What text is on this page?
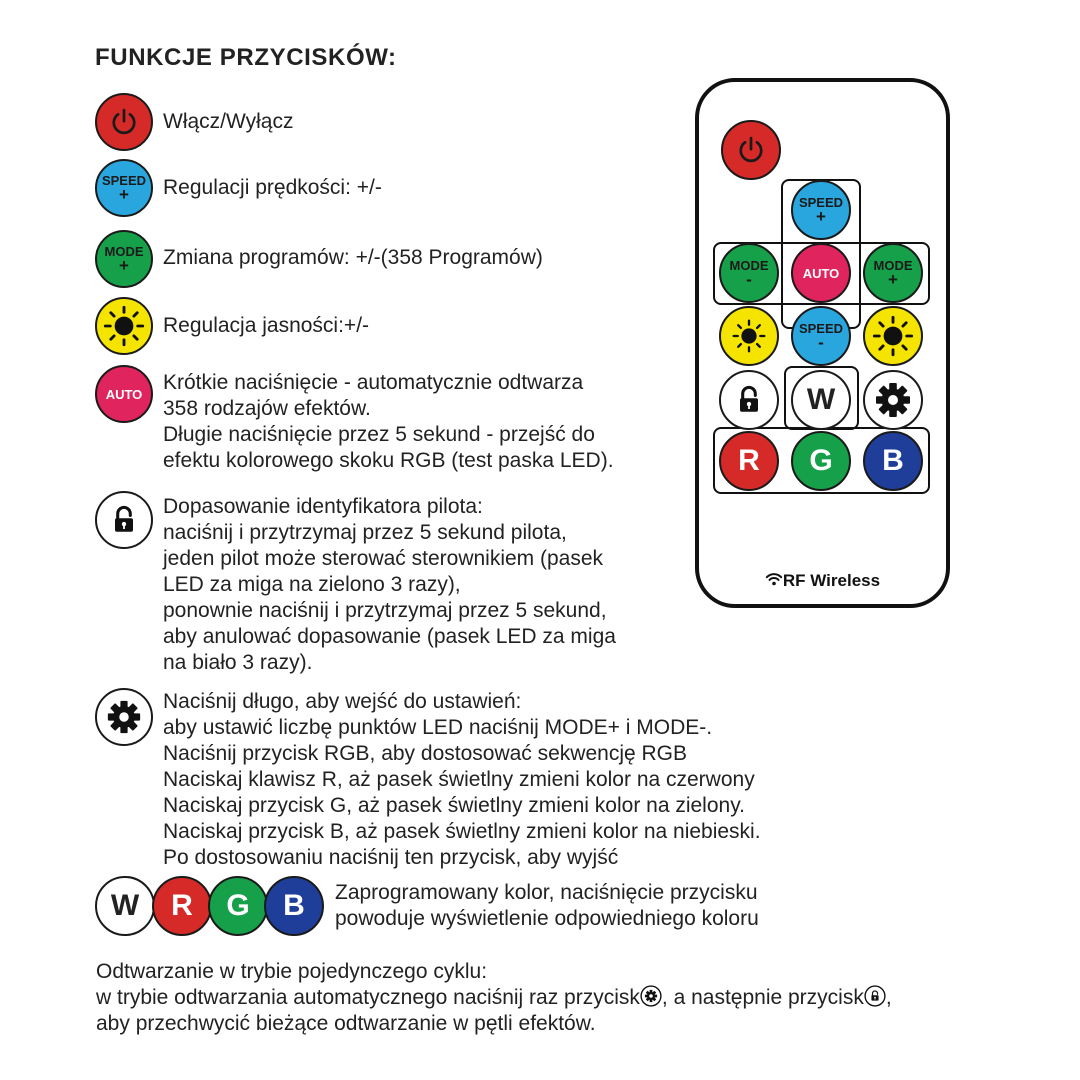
FUNKCJE PRZYCISKÓW:
Włącz/Wyłącz
SPEED
+ Regulacji prędkości: +/-
MODE
+ Zmiana programów: +/-(358 Programów)
Regulacja jasności:+/-
AUTO Krótkie naciśnięcie - automatycznie odtwarza
358 rodzajów efektów.
Długie naciśnięcie przez 5 sekund - przejść do
efektu kolorowego skoku RGB (test paska LED).
Dopasowanie identyfikatora pilota:
naciśnij i przytrzymaj przez 5 sekund pilota,
jeden pilot może sterować sterownikiem (pasek
LED za miga na zielono 3 razy),
ponownie naciśnij i przytrzymaj przez 5 sekund,
aby anulować dopasowanie (pasek LED za miga
na biało 3 razy).
Naciśnij długo, aby wejść do ustawień:
aby ustawić liczbę punktów LED naciśnij MODE+ i MODE-.
Naciśnij przycisk RGB, aby dostosować sekwencję RGB
Naciskaj klawisz R, aż pasek świetlny zmieni kolor na czerwony
Naciskaj przycisk G, aż pasek świetlny zmieni kolor na zielony.
Naciskaj przycisk B, aż pasek świetlny zmieni kolor na niebieski.
Po dostosowaniu naciśnij ten przycisk, aby wyjść
W R G B Zaprogramowany kolor, naciśnięcie przycisku
powoduje wyświetlenie odpowiedniego koloru
Odtwarzanie w trybie pojedynczego cyklu:
w trybie odtwarzania automatycznego naciśnij raz przycisk , a następnie przycisk ,
aby przechwycić bieżące odtwarzanie w pętli efektów.
SPEED
+
MODE
-	AUTO	MODE
+
SPEED
-
W
R G B
RF Wireless
